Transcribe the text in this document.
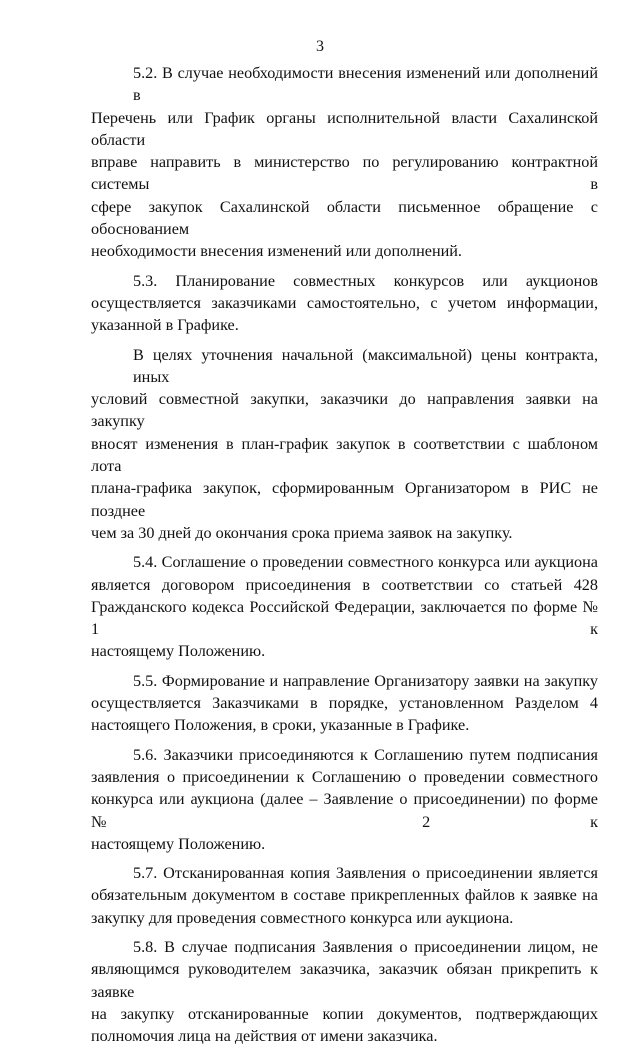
3
5.2. В случае необходимости внесения изменений или дополнений в
Перечень или График органы исполнительной власти Сахалинской области
вправе направить в министерство по регулированию контрактной системы в
сфере закупок Сахалинской области письменное обращение с обоснованием
необходимости внесения изменений или дополнений.
5.3. Планирование совместных конкурсов или аукционов
осуществляется заказчиками самостоятельно, с учетом информации,
указанной в Графике.
В целях уточнения начальной (максимальной) цены контракта, иных
условий совместной закупки, заказчики до направления заявки на закупку
вносят изменения в план-график закупок в соответствии с шаблоном лота
плана-графика закупок, сформированным Организатором в РИС не позднее
чем за 30 дней до окончания срока приема заявок на закупку.
5.4. Соглашение о проведении совместного конкурса или аукциона
является договором присоединения в соответствии со статьей 428
Гражданского кодекса Российской Федерации, заключается по форме № 1 к
настоящему Положению.
5.5. Формирование и направление Организатору заявки на закупку
осуществляется Заказчиками в порядке, установленном Разделом 4
настоящего Положения, в сроки, указанные в Графике.
5.6. Заказчики присоединяются к Соглашению путем подписания
заявления о присоединении к Соглашению о проведении совместного
конкурса или аукциона (далее – Заявление о присоединении) по форме № 2 к
настоящему Положению.
5.7. Отсканированная копия Заявления о присоединении является
обязательным документом в составе прикрепленных файлов к заявке на
закупку для проведения совместного конкурса или аукциона.
5.8. В случае подписания Заявления о присоединении лицом, не
являющимся руководителем заказчика, заказчик обязан прикрепить к заявке
на закупку отсканированные копии документов, подтверждающих
полномочия лица на действия от имени заказчика.
